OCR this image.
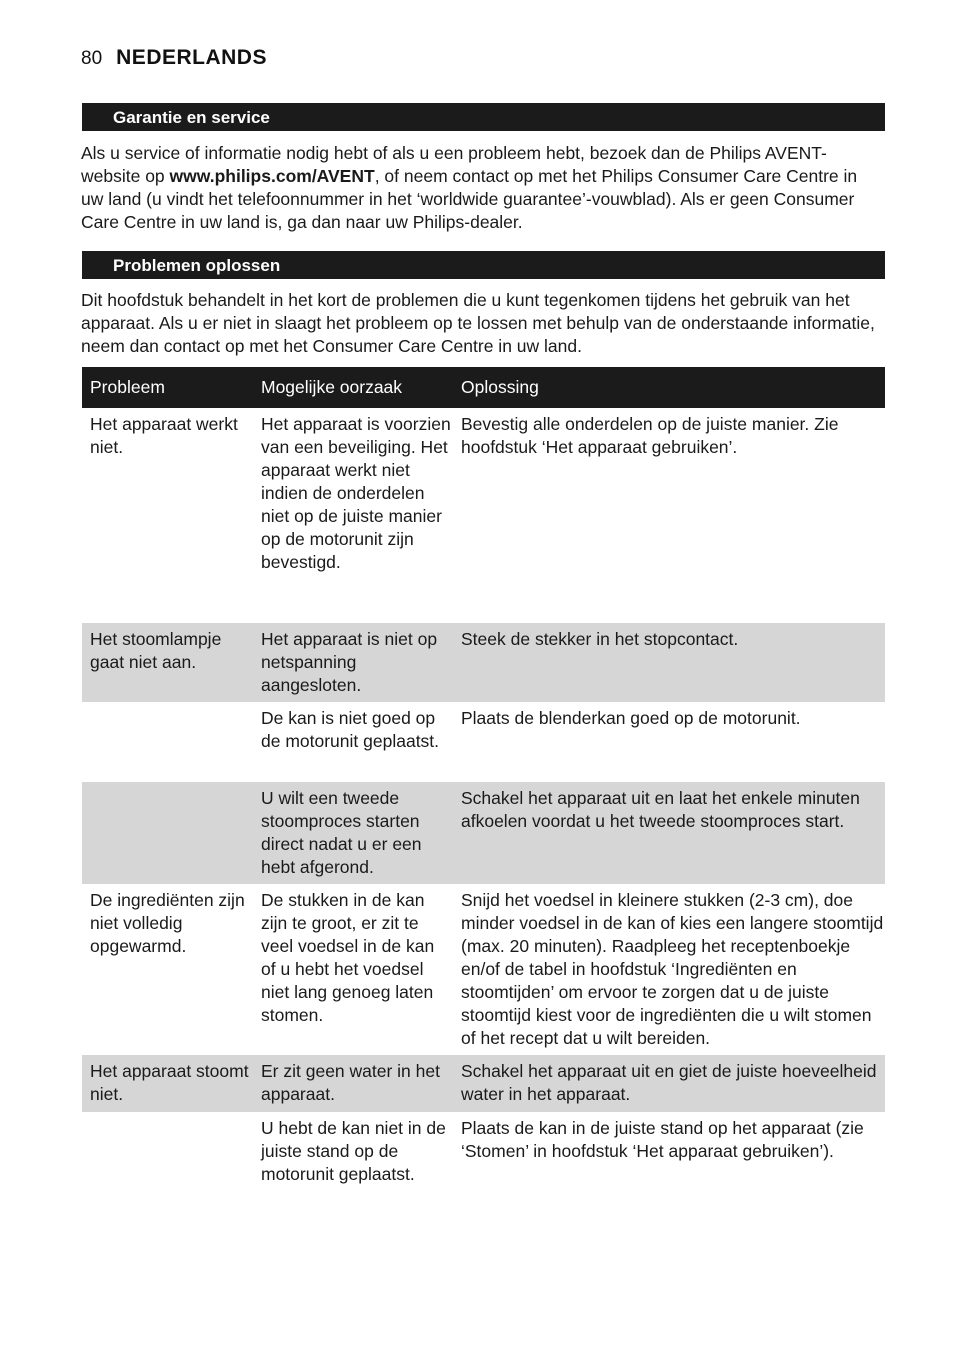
80 NEDERLANDS
Garantie en service
Als u service of informatie nodig hebt of als u een probleem hebt, bezoek dan de Philips AVENT-website op www.philips.com/AVENT, of neem contact op met het Philips Consumer Care Centre in uw land (u vindt het telefoonnummer in het ‘worldwide guarantee’-vouwblad). Als er geen Consumer Care Centre in uw land is, ga dan naar uw Philips-dealer.
Problemen oplossen
Dit hoofdstuk behandelt in het kort de problemen die u kunt tegenkomen tijdens het gebruik van het apparaat. Als u er niet in slaagt het probleem op te lossen met behulp van de onderstaande informatie, neem dan contact op met het Consumer Care Centre in uw land.
Probleem	Mogelijke oorzaak	Oplossing
Het apparaat werkt niet.
Het apparaat is voorzien van een beveiliging. Het apparaat werkt niet indien de onderdelen niet op de juiste manier op de motorunit zijn bevestigd.
Bevestig alle onderdelen op de juiste manier. Zie hoofdstuk ‘Het apparaat gebruiken’.
Het stoomlampje gaat niet aan.
Het apparaat is niet op netspanning aangesloten.
Steek de stekker in het stopcontact.
De kan is niet goed op de motorunit geplaatst.
Plaats de blenderkan goed op de motorunit.
U wilt een tweede stoomproces starten direct nadat u er een hebt afgerond.
Schakel het apparaat uit en laat het enkele minuten afkoelen voordat u het tweede stoomproces start.
De ingrediënten zijn niet volledig opgewarmd.
De stukken in de kan zijn te groot, er zit te veel voedsel in de kan of u hebt het voedsel niet lang genoeg laten stomen.
Snijd het voedsel in kleinere stukken (2-3 cm), doe minder voedsel in de kan of kies een langere stoomtijd (max. 20 minuten). Raadpleeg het receptenboekje en/of de tabel in hoofdstuk ‘Ingrediënten en stoomtijden’ om ervoor te zorgen dat u de juiste stoomtijd kiest voor de ingrediënten die u wilt stomen of het recept dat u wilt bereiden.
Het apparaat stoomt niet.
Er zit geen water in het apparaat.
Schakel het apparaat uit en giet de juiste hoeveelheid water in het apparaat.
U hebt de kan niet in de juiste stand op de motorunit geplaatst.
Plaats de kan in de juiste stand op het apparaat (zie ‘Stomen’ in hoofdstuk ‘Het apparaat gebruiken’).
